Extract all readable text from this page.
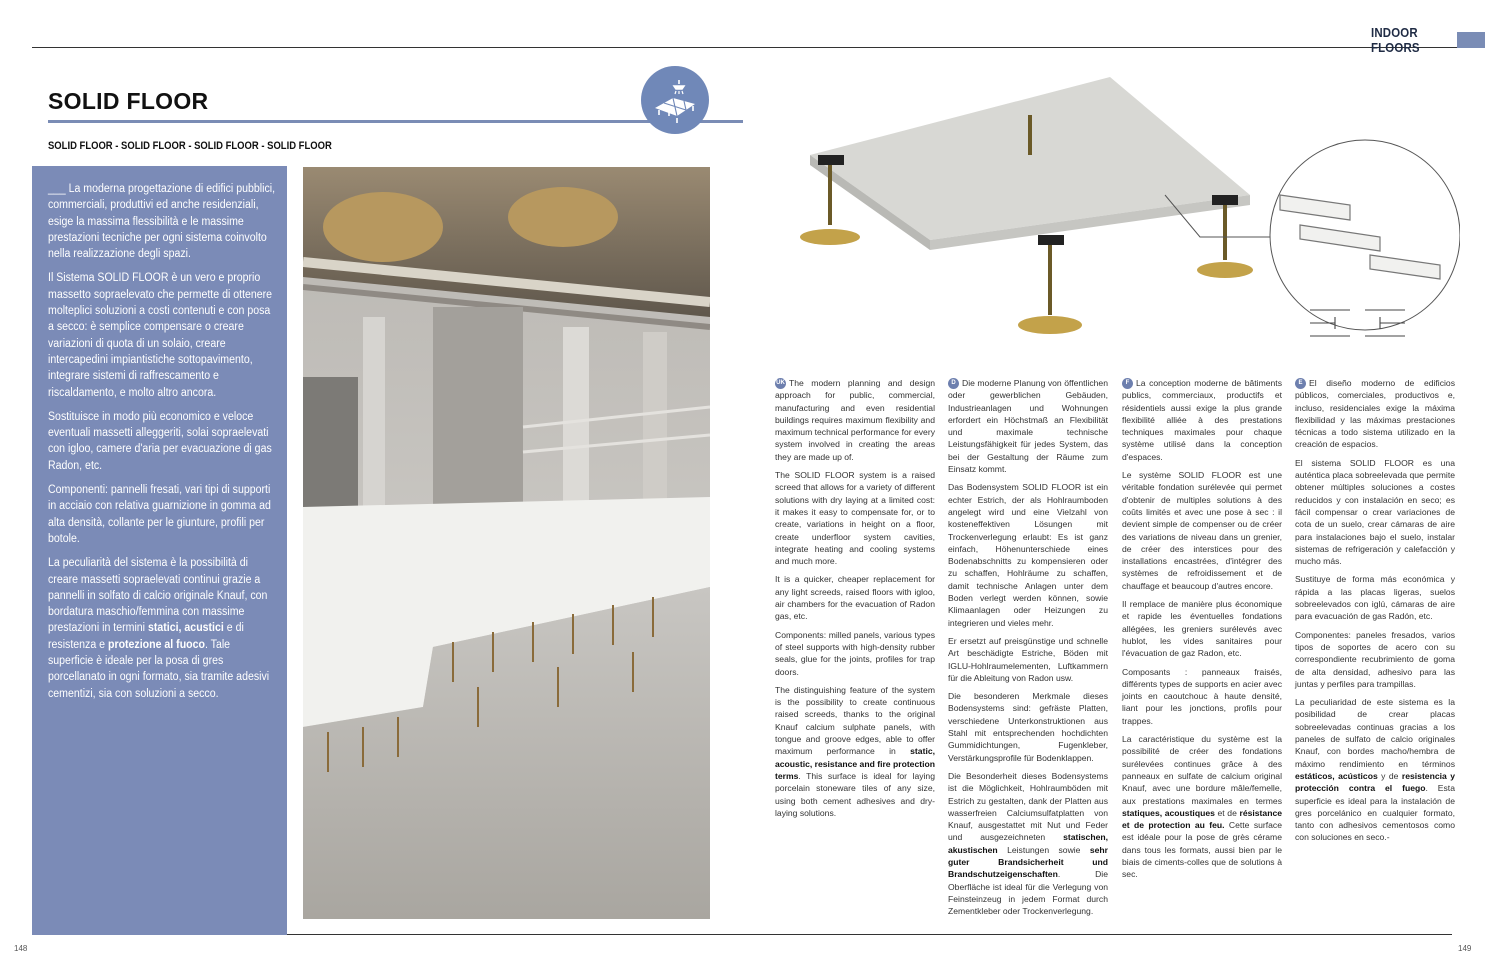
INDOOR FLOORS
SOLID FLOOR
SOLID FLOOR - SOLID FLOOR - SOLID FLOOR - SOLID FLOOR

___ La moderna progettazione di edifici pubblici, commerciali, produttivi ed anche residenziali, esige la massima flessibilità e le massime prestazioni tecniche per ogni sistema coinvolto nella realizzazione degli spazi.

Il Sistema SOLID FLOOR è un vero e proprio massetto sopraelevato che permette di ottenere molteplici soluzioni a costi contenuti e con posa a secco: è semplice compensare o creare variazioni di quota di un solaio, creare intercapedini impiantistiche sottopavimento, integrare sistemi di raffrescamento e riscaldamento, e molto altro ancora.

Sostituisce in modo più economico e veloce eventuali massetti alleggeriti, solai sopraelevati con igloo, camere d'aria per evacuazione di gas Radon, etc.

Componenti: pannelli fresati, vari tipi di supporti in acciaio con relativa guarnizione in gomma ad alta densità, collante per le giunture, profili per botole.

La peculiarità del sistema è la possibilità di creare massetti sopraelevati continui grazie a pannelli in solfato di calcio originale Knauf, con bordatura maschio/femmina con massime prestazioni in termini statici, acustici e di resistenza e protezione al fuoco. Tale superficie è ideale per la posa di gres porcellanato in ogni formato, sia tramite adesivi cementizi, sia con soluzioni a secco.

UK The modern planning and design approach for public, commercial, manufacturing and even residential buildings requires maximum flexibility and maximum technical performance for every system involved in creating the areas they are made up of.

The SOLID FLOOR system is a raised screed that allows for a variety of different solutions with dry laying at a limited cost: it makes it easy to compensate for, or to create, variations in height on a floor, create underfloor system cavities, integrate heating and cooling systems and much more.

It is a quicker, cheaper replacement for any light screeds, raised floors with igloo, air chambers for the evacuation of Radon gas, etc.

Components: milled panels, various types of steel supports with high-density rubber seals, glue for the joints, profiles for trap doors.

The distinguishing feature of the system is the possibility to create continuous raised screeds, thanks to the original Knauf calcium sulphate panels, with tongue and groove edges, able to offer maximum performance in static, acoustic, resistance and fire protection terms. This surface is ideal for laying porcelain stoneware tiles of any size, using both cement adhesives and dry-laying solutions.

D Die moderne Planung von öffentlichen oder gewerblichen Gebäuden, Industrieanlagen und Wohnungen erfordert ein Höchstmaß an Flexibilität und maximale technische Leistungsfähigkeit für jedes System, das bei der Gestaltung der Räume zum Einsatz kommt.

Das Bodensystem SOLID FLOOR ist ein echter Estrich, der als Hohlraumboden angelegt wird und eine Vielzahl von kosteneffektiven Lösungen mit Trockenverlegung erlaubt: Es ist ganz einfach, Höhenunterschiede eines Bodenabschnitts zu kompensieren oder zu schaffen, Hohlräume zu schaffen, damit technische Anlagen unter dem Boden verlegt werden können, sowie Klimaanlagen oder Heizungen zu integrieren und vieles mehr.

Er ersetzt auf preisgünstige und schnelle Art beschädigte Estriche, Böden mit IGLU-Hohlraumelementen, Luftkammern für die Ableitung von Radon usw.

Die besonderen Merkmale dieses Bodensystems sind: gefräste Platten, verschiedene Unterkonstruktionen aus Stahl mit entsprechenden hochdichten Gummidichtungen, Fugenkleber, Verstärkungsprofile für Bodenklappen.

Die Besonderheit dieses Bodensystems ist die Möglichkeit, Hohlraumböden mit Estrich zu gestalten, dank der Platten aus wasserfreien Calciumsulfatplatten von Knauf, ausgestattet mit Nut und Feder und ausgezeichneten statischen, akustischen Leistungen sowie sehr guter Brandsicherheit und Brandschutzeigenschaften. Die Oberfläche ist ideal für die Verlegung von Feinsteinzeug in jedem Format durch Zementkleber oder Trockenverlegung.

F La conception moderne de bâtiments publics, commerciaux, productifs et résidentiels aussi exige la plus grande flexibilité alliée à des prestations techniques maximales pour chaque système utilisé dans la conception d'espaces.

Le système SOLID FLOOR est une véritable fondation surélevée qui permet d'obtenir de multiples solutions à des coûts limités et avec une pose à sec : il devient simple de compenser ou de créer des variations de niveau dans un grenier, de créer des interstices pour des installations encastrées, d'intégrer des systèmes de refroidissement et de chauffage et beaucoup d'autres encore.

Il remplace de manière plus économique et rapide les éventuelles fondations allégées, les greniers surélevés avec hublot, les vides sanitaires pour l'évacuation de gaz Radon, etc.

Composants : panneaux fraisés, différents types de supports en acier avec joints en caoutchouc à haute densité, liant pour les jonctions, profils pour trappes.

La caractéristique du système est la possibilité de créer des fondations surélevées continues grâce à des panneaux en sulfate de calcium original Knauf, avec une bordure mâle/femelle, aux prestations maximales en termes statiques, acoustiques et de résistance et de protection au feu. Cette surface est idéale pour la pose de grès cérame dans tous les formats, aussi bien par le biais de ciments-colles que de solutions à sec.

E El diseño moderno de edificios públicos, comerciales, productivos e, incluso, residenciales exige la máxima flexibilidad y las máximas prestaciones técnicas a todo sistema utilizado en la creación de espacios.

El sistema SOLID FLOOR es una auténtica placa sobreelevada que permite obtener múltiples soluciones a costes reducidos y con instalación en seco; es fácil compensar o crear variaciones de cota de un suelo, crear cámaras de aire para instalaciones bajo el suelo, instalar sistemas de refrigeración y calefacción y mucho más.

Sustituye de forma más económica y rápida a las placas ligeras, suelos sobreelevados con iglú, cámaras de aire para evacuación de gas Radón, etc.

Componentes: paneles fresados, varios tipos de soportes de acero con su correspondiente recubrimiento de goma de alta densidad, adhesivo para las juntas y perfiles para trampillas.

La peculiaridad de este sistema es la posibilidad de crear placas sobreelevadas continuas gracias a los paneles de sulfato de calcio originales Knauf, con bordes macho/hembra de máximo rendimiento en términos estáticos, acústicos y de resistencia y protección contra el fuego. Esta superficie es ideal para la instalación de gres porcelánico en cualquier formato, tanto con adhesivos cementosos como con soluciones en seco.-

148	149
